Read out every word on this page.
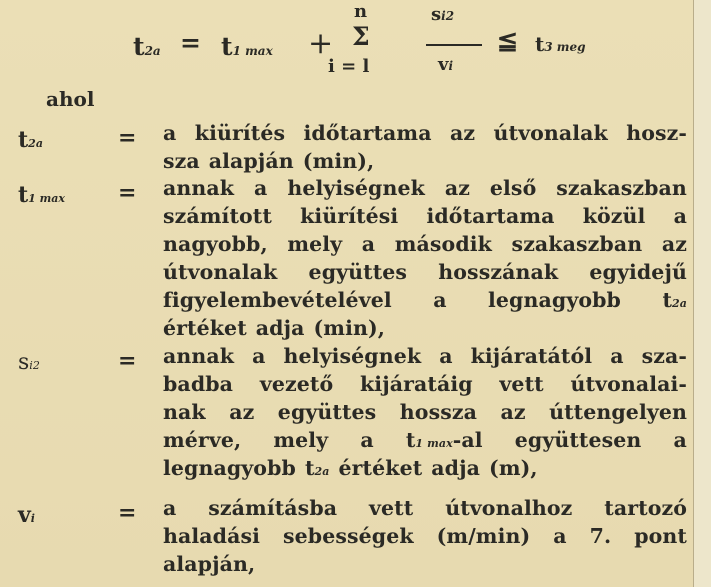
t2a = t1 max +
n
Σ
i = l
si2
vi
≦ t3 meg
ahol
t2a	= a kiürítés időtartama az útvonalak hosz-
sza alapján (min),
t1 max = annak a helyiségnek az első szakaszban
számított kiürítési időtartama közül a
nagyobb, mely a második szakaszban az
útvonalak együttes hosszának egyidejű
figyelembevételével a legnagyobb t2a
értéket adja (min),
si2	= annak a helyiségnek a kijáratától a sza-
badba vezető kijáratáig vett útvonalai-
nak az együttes hossza az úttengelyen
mérve, mely a t1 max-al együttesen a
legnagyobb t2a értéket adja (m),
vi	= a számításba vett útvonalhoz tartozó
haladási sebességek (m/min) a 7. pont
alapján,
